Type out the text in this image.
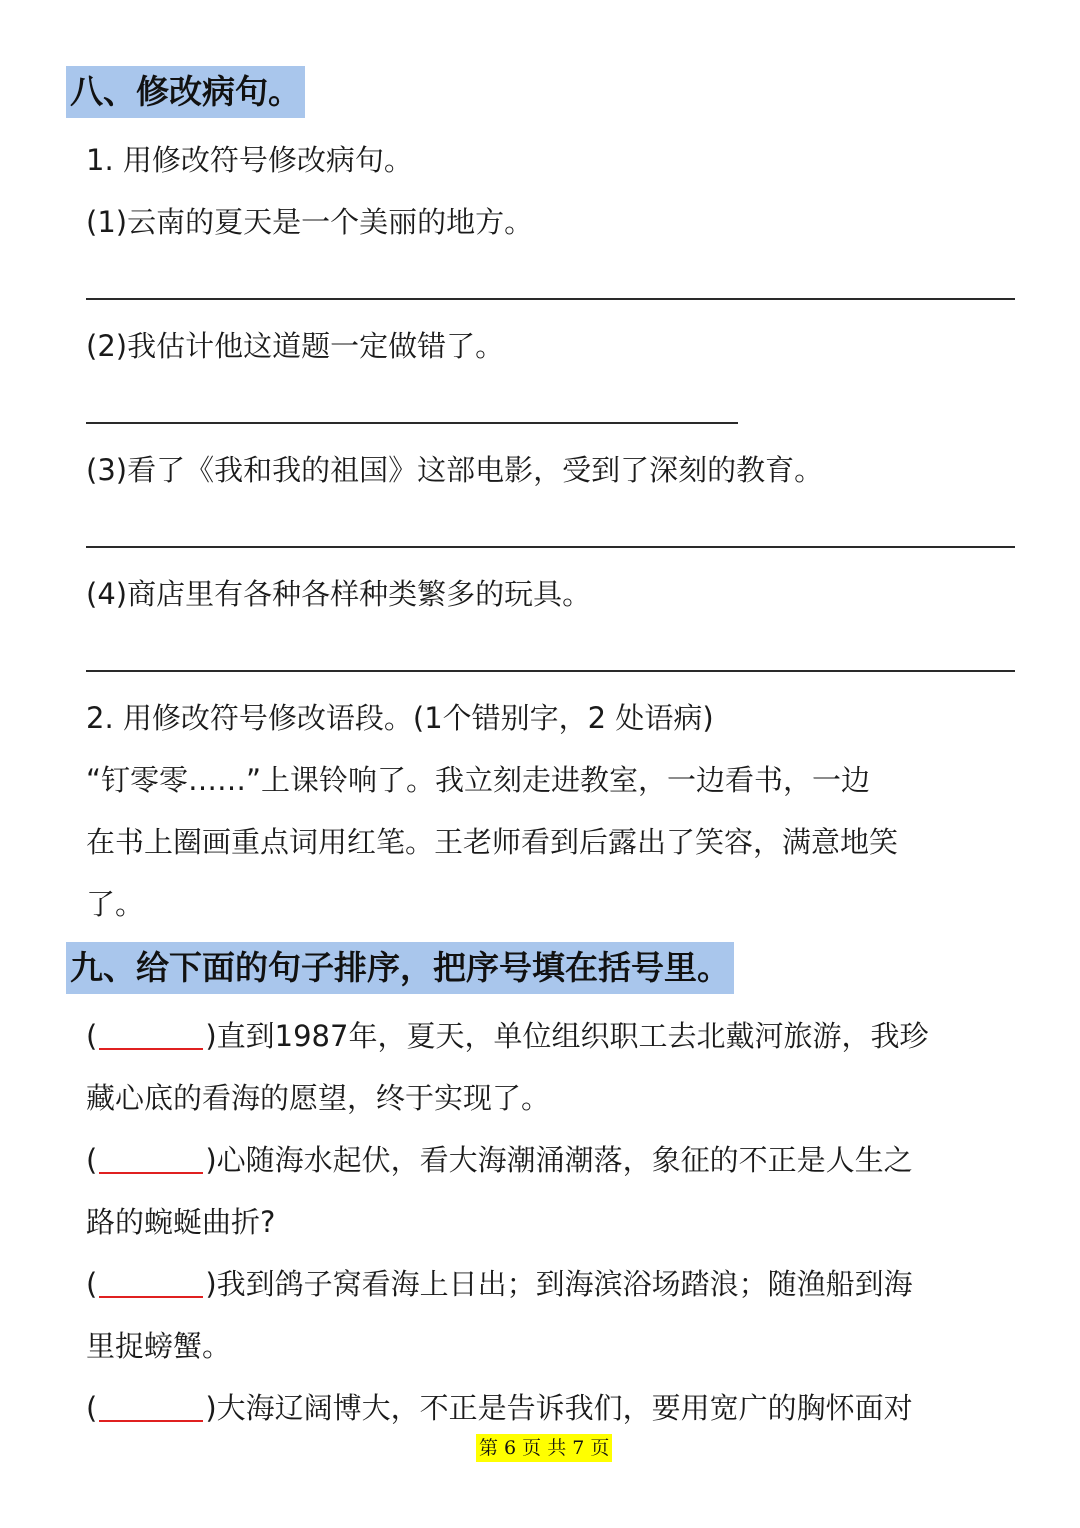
八、修改病句。
1. 用修改符号修改病句。
(1)云南的夏天是一个美丽的地方。
(2)我估计他这道题一定做错了。
(3)看了《我和我的祖国》这部电影，受到了深刻的教育。
(4)商店里有各种各样种类繁多的玩具。
2. 用修改符号修改语段。(1个错别字，2 处语病)
“钉零零……”上课铃响了。我立刻走进教室，一边看书，一边
在书上圈画重点词用红笔。王老师看到后露出了笑容，满意地笑
了。
九、给下面的句子排序，把序号填在括号里。
(	)直到1987年，夏天，单位组织职工去北戴河旅游，我珍
藏心底的看海的愿望，终于实现了。
(	)心随海水起伏，看大海潮涌潮落，象征的不正是人生之
路的蜿蜒曲折?
(	)我到鸽子窝看海上日出；到海滨浴场踏浪；随渔船到海
里捉螃蟹。
(	)大海辽阔博大，不正是告诉我们，要用宽广的胸怀面对
第 6 页 共 7 页
